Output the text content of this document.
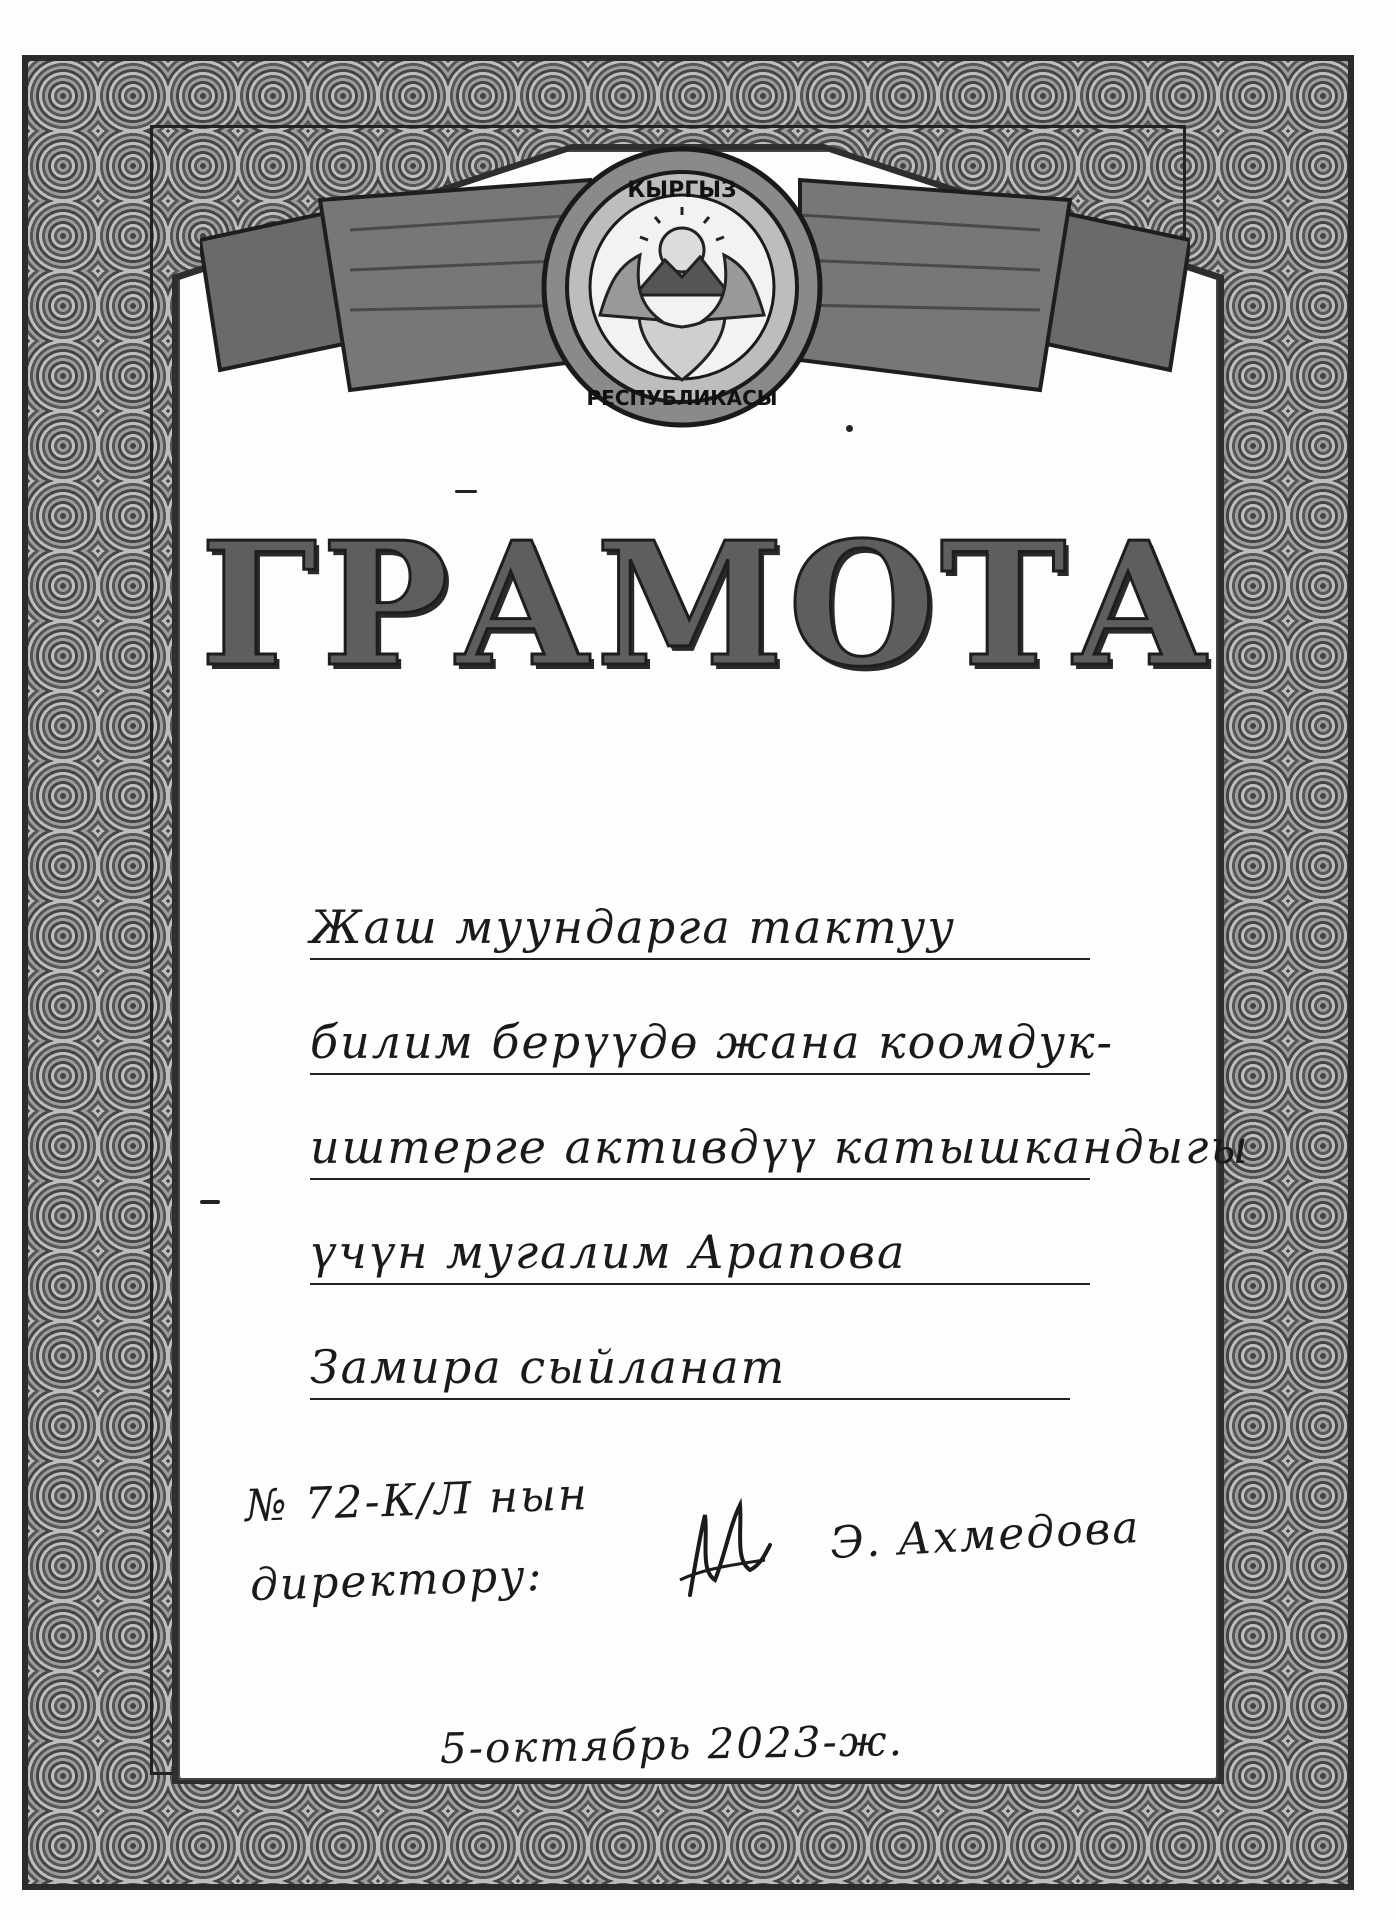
КЫРГЫЗ
РЕСПУБЛИКАСЫ
ГРАМОТА
Жаш муундарга тактуу
билим берүүдө жана коомдук-
иштерге активдүү катышкандыгы
үчүн мугалим Арапова
Замира сыйланат
№ 72-К/Л нын
директору:
Э. Ахмедова
5-октябрь 2023-ж.
